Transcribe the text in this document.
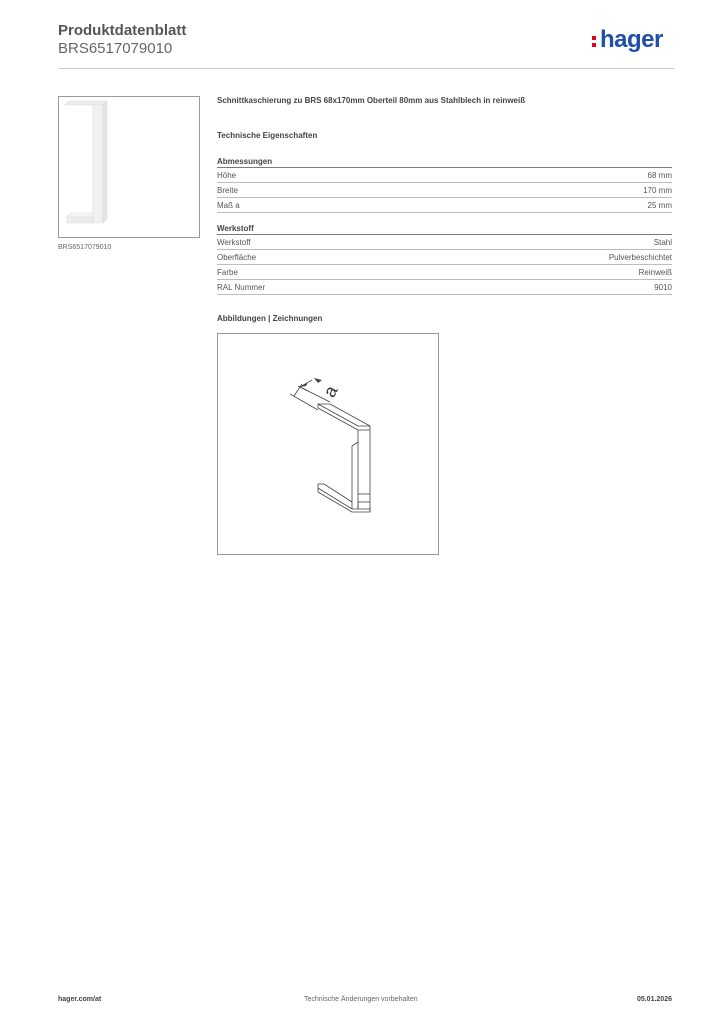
Produktdatenblatt
BRS6517079010	hager
BRS6517079010
Schnittkaschierung zu BRS 68x170mm Oberteil 80mm aus Stahlblech in reinweiß
Technische Eigenschaften
Abmessungen
Höhe	68 mm
Breite	170 mm
Maß a	25 mm
Werkstoff
Werkstoff	Stahl
Oberfläche	Pulverbeschichtet
Farbe	Reinweiß
RAL Nummer	9010
Abbildungen | Zeichnungen
a
hager.com/at	Technische Änderungen vorbehalten	05.01.2026
